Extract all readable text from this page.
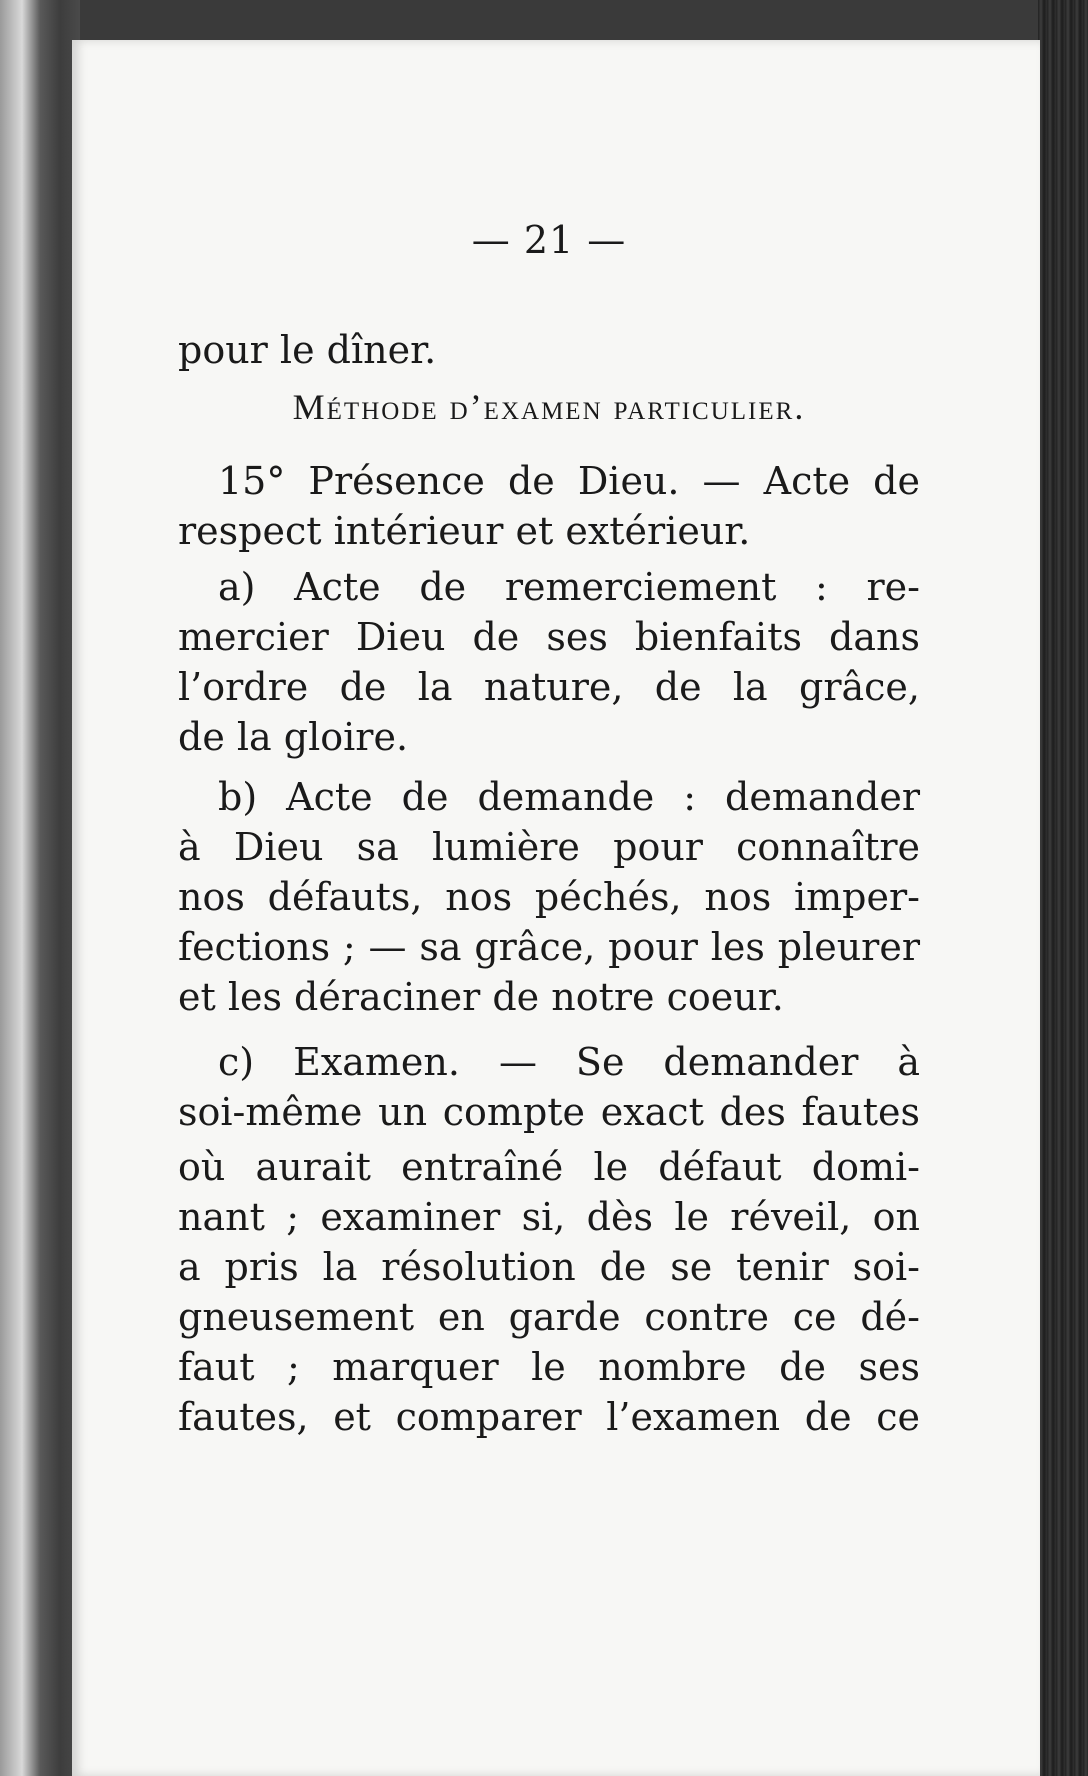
— 21 —
pour le dîner.
Méthode d’examen particulier.
15° Présence de Dieu. — Acte de
respect intérieur et extérieur.
a) Acte de remerciement : re-
mercier Dieu de ses bienfaits dans
l’ordre de la nature, de la grâce,
de la gloire.
b) Acte de demande : demander
à Dieu sa lumière pour connaître
nos défauts, nos péchés, nos imper-
fections ; — sa grâce, pour les pleurer
et les déraciner de notre coeur.
c) Examen. — Se demander à
soi-même un compte exact des fautes
où aurait entraîné le défaut domi-
nant ; examiner si, dès le réveil, on
a pris la résolution de se tenir soi-
gneusement en garde contre ce dé-
faut ; marquer le nombre de ses
fautes, et comparer l’examen de ce
